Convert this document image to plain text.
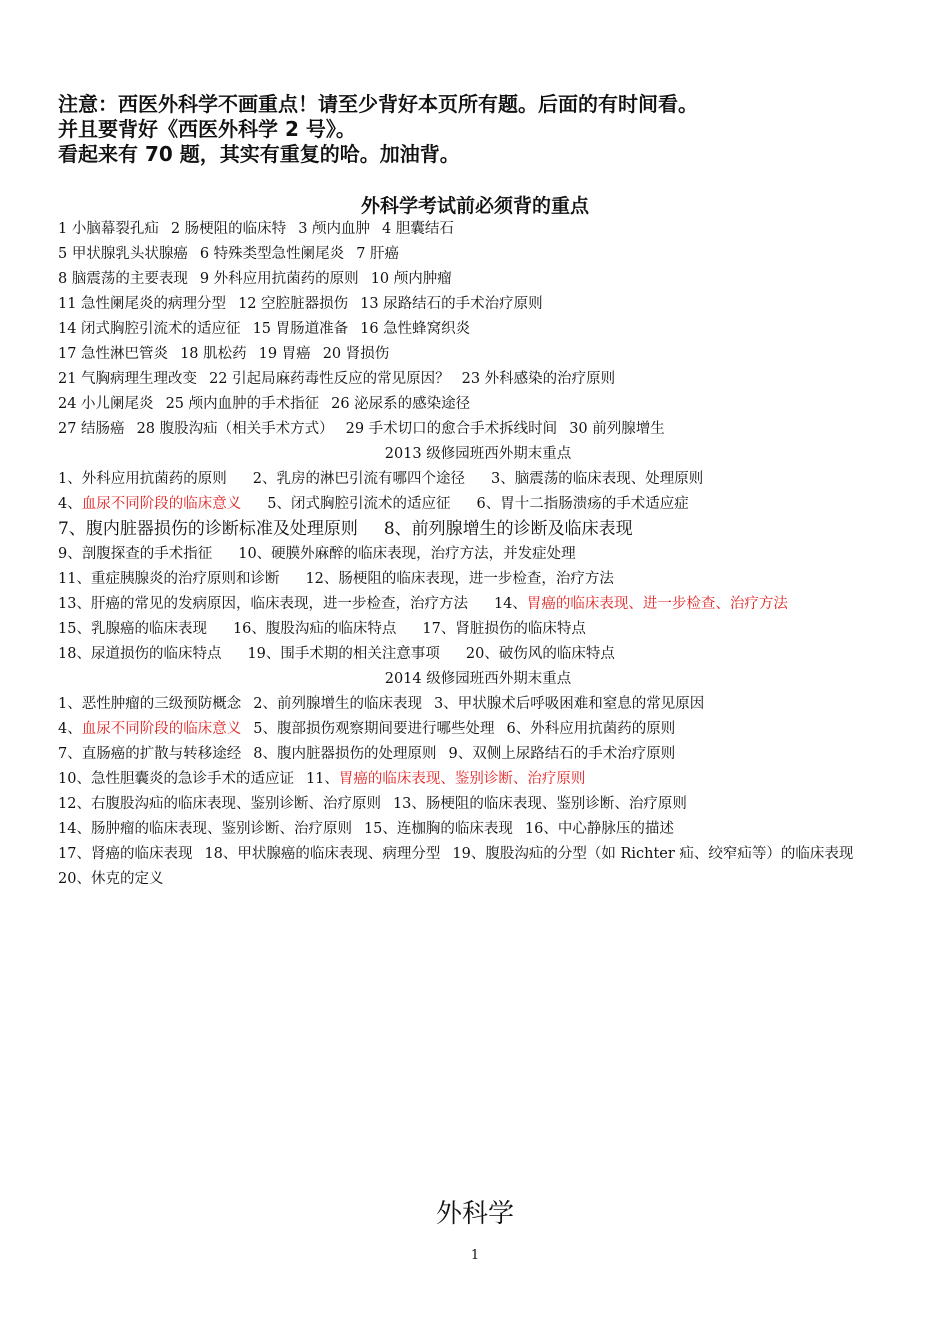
注意：西医外科学不画重点！请至少背好本页所有题。后面的有时间看。
并且要背好《西医外科学 2 号》。
看起来有 70 题，其实有重复的哈。加油背。
外科学考试前必须背的重点
1 小脑幕裂孔疝 2 肠梗阻的临床特 3 颅内血肿 4 胆囊结石
5 甲状腺乳头状腺癌 6 特殊类型急性阑尾炎 7 肝癌
8 脑震荡的主要表现 9 外科应用抗菌药的原则 10 颅内肿瘤
11 急性阑尾炎的病理分型 12 空腔脏器损伤 13 尿路结石的手术治疗原则
14 闭式胸腔引流术的适应征 15 胃肠道准备 16 急性蜂窝织炎
17 急性淋巴管炎 18 肌松药 19 胃癌 20 肾损伤
21 气胸病理生理改变 22 引起局麻药毒性反应的常见原因？ 23 外科感染的治疗原则
24 小儿阑尾炎 25 颅内血肿的手术指征 26 泌尿系的感染途径
27 结肠癌 28 腹股沟疝（相关手术方式） 29 手术切口的愈合手术拆线时间 30 前列腺增生
2013 级修园班西外期末重点
1、外科应用抗菌药的原则 2、乳房的淋巴引流有哪四个途径 3、脑震荡的临床表现、处理原则
4、血尿不同阶段的临床意义 5、闭式胸腔引流术的适应征 6、胃十二指肠溃疡的手术适应症
7、腹内脏器损伤的诊断标准及处理原则 8、前列腺增生的诊断及临床表现
9、剖腹探查的手术指征 10、硬膜外麻醉的临床表现，治疗方法，并发症处理
11、重症胰腺炎的治疗原则和诊断 12、肠梗阻的临床表现，进一步检查，治疗方法
13、肝癌的常见的发病原因，临床表现，进一步检查，治疗方法 14、胃癌的临床表现、进一步检查、治疗方法
15、乳腺癌的临床表现 16、腹股沟疝的临床特点 17、肾脏损伤的临床特点
18、尿道损伤的临床特点 19、围手术期的相关注意事项 20、破伤风的临床特点
2014 级修园班西外期末重点
1、恶性肿瘤的三级预防概念 2、前列腺增生的临床表现 3、甲状腺术后呼吸困难和窒息的常见原因
4、血尿不同阶段的临床意义 5、腹部损伤观察期间要进行哪些处理 6、外科应用抗菌药的原则
7、直肠癌的扩散与转移途经 8、腹内脏器损伤的处理原则 9、双侧上尿路结石的手术治疗原则
10、急性胆囊炎的急诊手术的适应证 11、胃癌的临床表现、鉴别诊断、治疗原则
12、右腹股沟疝的临床表现、鉴别诊断、治疗原则 13、肠梗阻的临床表现、鉴别诊断、治疗原则
14、肠肿瘤的临床表现、鉴别诊断、治疗原则 15、连枷胸的临床表现 16、中心静脉压的描述
17、肾癌的临床表现 18、甲状腺癌的临床表现、病理分型 19、腹股沟疝的分型（如 Richter 疝、绞窄疝等）的临床表现20、休克的定义
外科学
1
